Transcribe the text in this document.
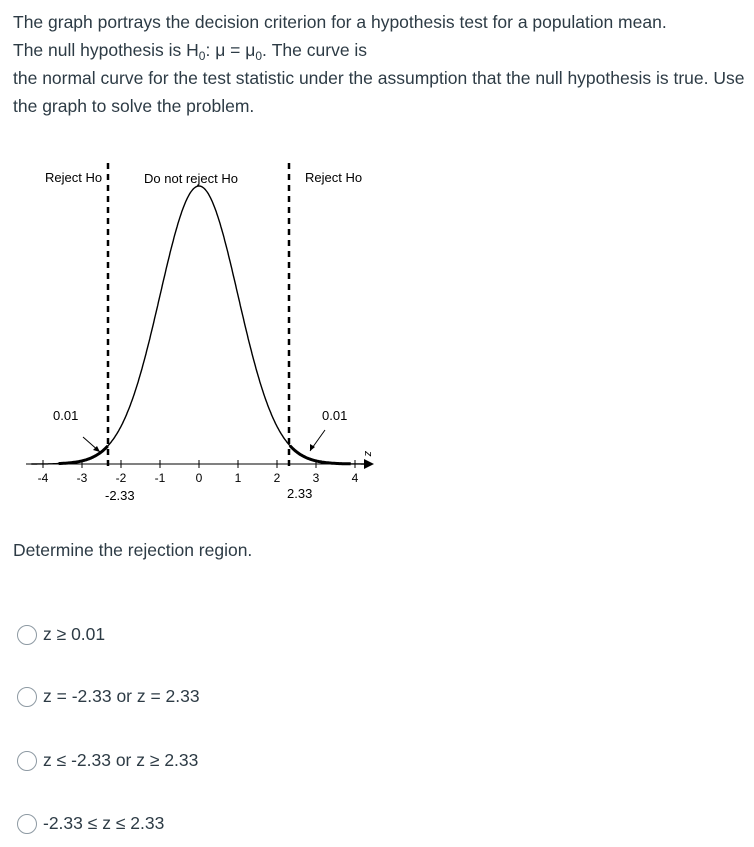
The graph portrays the decision criterion for a hypothesis test for a population mean.
The null hypothesis is $H_0$: $\mu = \mu_0$. The curve is

the normal curve for the test statistic under the assumption that the null hypothesis is true. Use the graph to solve the problem.

Reject Ho	Do not reject Ho	Reject Ho
0.01	0.01
z
-4 -3 -2 -1	0	1	2	3	4
-2.33	2.33

Determine the rejection region.

z ≥ 0.01
z = -2.33 or z = 2.33
z ≤ -2.33 or z ≥ 2.33
-2.33 ≤ z ≤ 2.33
